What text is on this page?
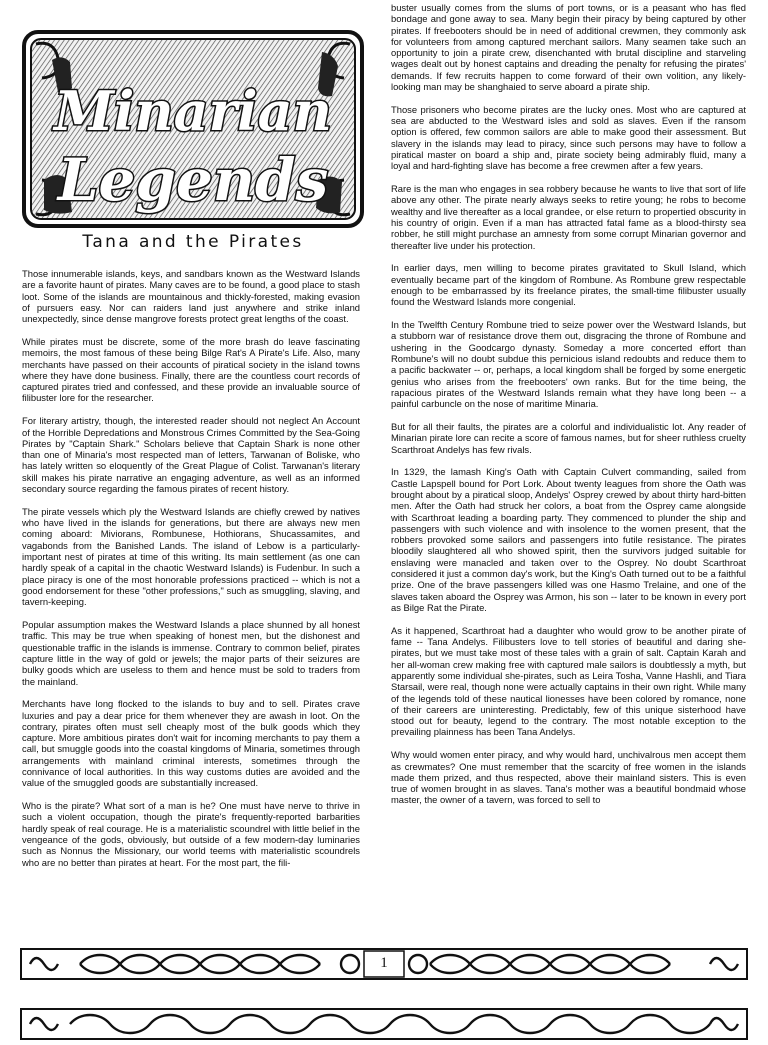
Minarian
Legends
Tana and the Pirates

Those innumerable islands, keys, and sandbars known as the Westward Islands are a favorite haunt of pirates. Many caves are to be found, a good place to stash loot. Some of the islands are mountainous and thickly-forested, making evasion of pursuers easy. Nor can raiders land just anywhere and strike inland unexpectedly, since dense mangrove forests protect great lengths of the coast.

While pirates must be discrete, some of the more brash do leave fascinating memoirs, the most famous of these being Bilge Rat's A Pirate's Life. Also, many merchants have passed on their accounts of piratical society in the island towns where they have done business. Finally, there are the countless court records of captured pirates tried and confessed, and these provide an invaluable source of filibuster lore for the researcher.

For literary artistry, though, the interested reader should not neglect An Account of the Horrible Depredations and Monstrous Crimes Committed by the Sea-Going Pirates by "Captain Shark." Scholars believe that Captain Shark is none other than one of Minaria's most respected man of letters, Tarwanan of Boliske, who has lately written so eloquently of the Great Plague of Colist. Tarwanan's literary skill makes his pirate narrative an engaging adventure, as well as an informed secondary source regarding the famous pirates of recent history.

The pirate vessels which ply the Westward Islands are chiefly crewed by natives who have lived in the islands for generations, but there are always new men coming aboard: Miviorans, Rombunese, Hothiorans, Shucassamites, and vagabonds from the Banished Lands. The island of Lebow is a particularly-important nest of pirates at time of this writing. Its main settlement (as one can hardly speak of a capital in the chaotic Westward Islands) is Fudenbur. In such a place piracy is one of the most honorable professions practiced -- which is not a good endorsement for these "other professions," such as smuggling, slaving, and tavern-keeping.

Popular assumption makes the Westward Islands a place shunned by all honest traffic. This may be true when speaking of honest men, but the dishonest and questionable traffic in the islands is immense. Contrary to common belief, pirates capture little in the way of gold or jewels; the major parts of their seizures are bulky goods which are useless to them and hence must be sold to traders from the mainland.

Merchants have long flocked to the islands to buy and to sell. Pirates crave luxuries and pay a dear price for them whenever they are awash in loot. On the contrary, pirates often must sell cheaply most of the bulk goods which they capture. More ambitious pirates don't wait for incoming merchants to pay them a call, but smuggle goods into the coastal kingdoms of Minaria, sometimes through arrangements with mainland criminal interests, sometimes through the connivance of local authorities. In this way customs duties are avoided and the value of the smuggled goods are substantially increased.

Who is the pirate? What sort of a man is he? One must have nerve to thrive in such a violent occupation, though the pirate's frequently-reported barbarities hardly speak of real courage. He is a materialistic scoundrel with little belief in the vengeance of the gods, obviously, but outside of a few modern-day luminaries such as Nonnus the Missionary, our world teems with materialistic scoundrels who are no better than pirates at heart. For the most part, the fili-

buster usually comes from the slums of port towns, or is a peasant who has fled bondage and gone away to sea. Many begin their piracy by being captured by other pirates. If freebooters should be in need of additional crewmen, they commonly ask for volunteers from among captured merchant sailors. Many seamen take such an opportunity to join a pirate crew, disenchanted with brutal discipline and starveling wages dealt out by honest captains and dreading the penalty for refusing the pirates' demands. If few recruits happen to come forward of their own volition, any likely-looking man may be shanghaied to serve aboard a pirate ship.

Those prisoners who become pirates are the lucky ones. Most who are captured at sea are abducted to the Westward isles and sold as slaves. Even if the ransom option is offered, few common sailors are able to make good their assessment. But slavery in the islands may lead to piracy, since such persons may have to follow a piratical master on board a ship and, pirate society being admirably fluid, many a loyal and hard-fighting slave has become a free crewmen after a few years.

Rare is the man who engages in sea robbery because he wants to live that sort of life above any other. The pirate nearly always seeks to retire young; he robs to become wealthy and live thereafter as a local grandee, or else return to propertied obscurity in his country of origin. Even if a man has attracted fatal fame as a blood-thirsty sea robber, he still might purchase an amnesty from some corrupt Minarian governor and thereafter live under his protection.

In earlier days, men willing to become pirates gravitated to Skull Island, which eventually became part of the kingdom of Rombune. As Rombune grew respectable enough to be embarrassed by its freelance pirates, the small-time filibuster usually found the Westward Islands more congenial.

In the Twelfth Century Rombune tried to seize power over the Westward Islands, but a stubborn war of resistance drove them out, disgracing the throne of Rombune and ushering in the Goodcargo dynasty. Someday a more concerted effort than Rombune's will no doubt subdue this pernicious island redoubts and reduce them to a pacific backwater -- or, perhaps, a local kingdom shall be forged by some energetic genius who arises from the freebooters' own ranks. But for the time being, the rapacious pirates of the Westward Islands remain what they have long been -- a painful carbuncle on the nose of maritime Minaria.

But for all their faults, the pirates are a colorful and individualistic lot. Any reader of Minarian pirate lore can recite a score of famous names, but for sheer ruthless cruelty Scarthroat Andelys has few rivals.

In 1329, the lamash King's Oath with Captain Culvert commanding, sailed from Castle Lapspell bound for Port Lork. About twenty leagues from shore the Oath was brought about by a piratical sloop, Andelys' Osprey crewed by about thirty hard-bitten men. After the Oath had struck her colors, a boat from the Osprey came alongside with Scarthroat leading a boarding party. They commenced to plunder the ship and passengers with such violence and with insolence to the women present, that the robbers provoked some sailors and passengers into futile resistance. The pirates bloodily slaughtered all who showed spirit, then the survivors judged suitable for enslaving were manacled and taken over to the Osprey. No doubt Scarthroat considered it just a common day's work, but the King's Oath turned out to be a faithful prize. One of the brave passengers killed was one Hasmo Trelaine, and one of the slaves taken aboard the Osprey was Armon, his son -- later to be known in every port as Bilge Rat the Pirate.

As it happened, Scarthroat had a daughter who would grow to be another pirate of fame -- Tana Andelys. Filibusters love to tell stories of beautiful and daring she-pirates, but we must take most of these tales with a grain of salt. Captain Karah and her all-woman crew making free with captured male sailors is doubtlessly a myth, but apparently some individual she-pirates, such as Leira Tosha, Vanne Hashli, and Tiara Starsail, were real, though none were actually captains in their own right. While many of the legends told of these nautical lionesses have been colored by romance, none of their careers are uninteresting. Predictably, few of this unique sisterhood have stood out for beauty, legend to the contrary. The most notable exception to the prevailing plainness has been Tana Andelys.

Why would women enter piracy, and why would hard, unchivalrous men accept them as crewmates? One must remember that the scarcity of free women in the islands made them prized, and thus respected, above their mainland sisters. This is even true of women brought in as slaves. Tana's mother was a beautiful bondmaid whose master, the owner of a tavern, was forced to sell to

1
